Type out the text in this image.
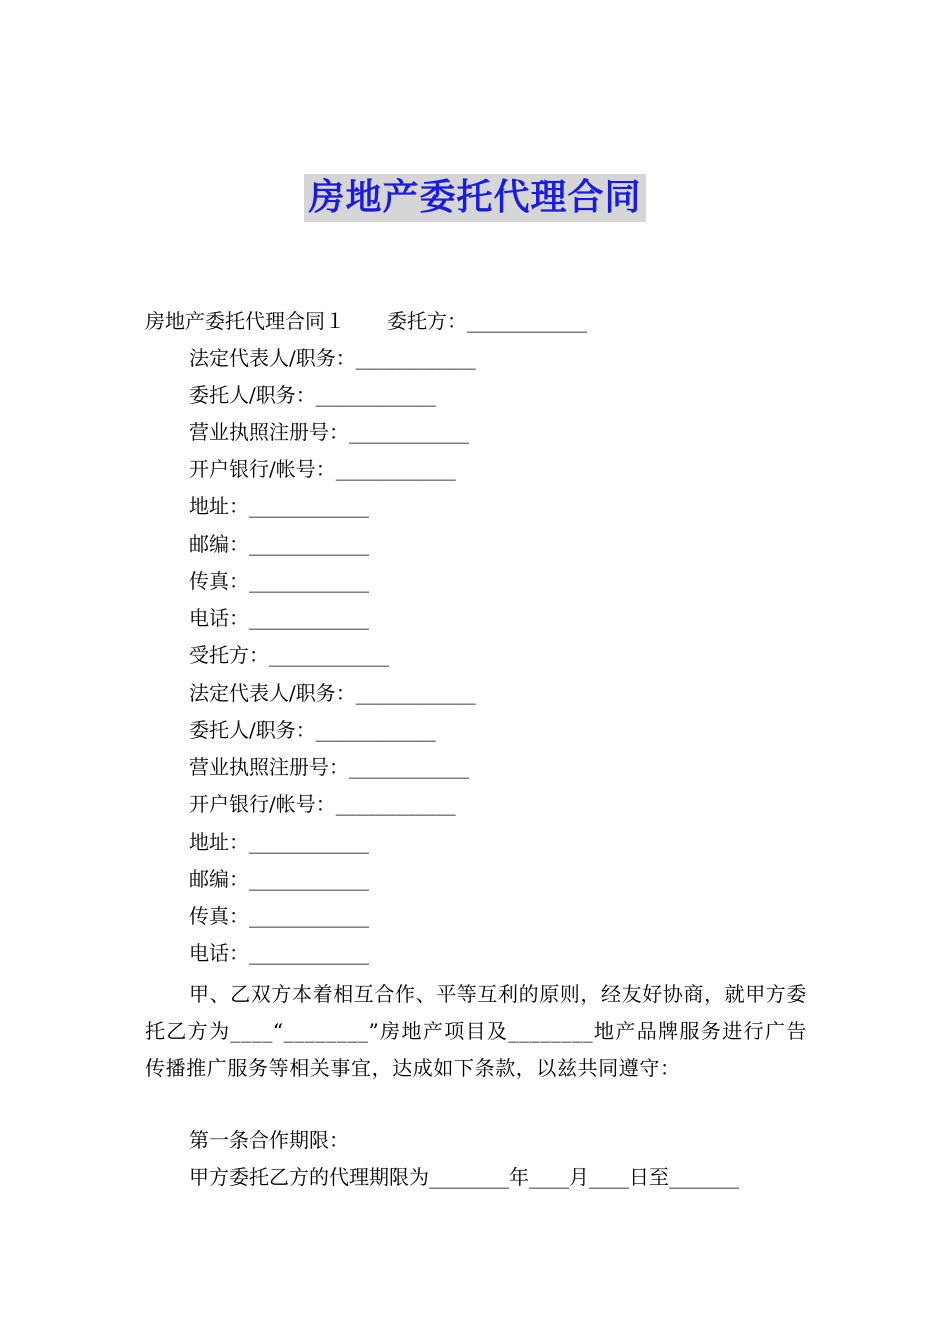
房地产委托代理合同
房地产委托代理合同１ 委托方：____________
法定代表人/职务：____________
委托人/职务：____________
营业执照注册号：____________
开户银行/帐号：____________
地址：____________
邮编：____________
传真：____________
电话：____________
受托方：____________
法定代表人/职务：____________
委托人/职务：____________
营业执照注册号：____________
开户银行/帐号：____________
地址：____________
邮编：____________
传真：____________
电话：____________
甲、乙双方本着相互合作、平等互利的原则，经友好协商，就甲方委托乙方为____“________”房地产项目及________地产品牌服务进行广告传播推广服务等相关事宜，达成如下条款，以兹共同遵守：
第一条合作期限：
甲方委托乙方的代理期限为________年____月____日至_______
